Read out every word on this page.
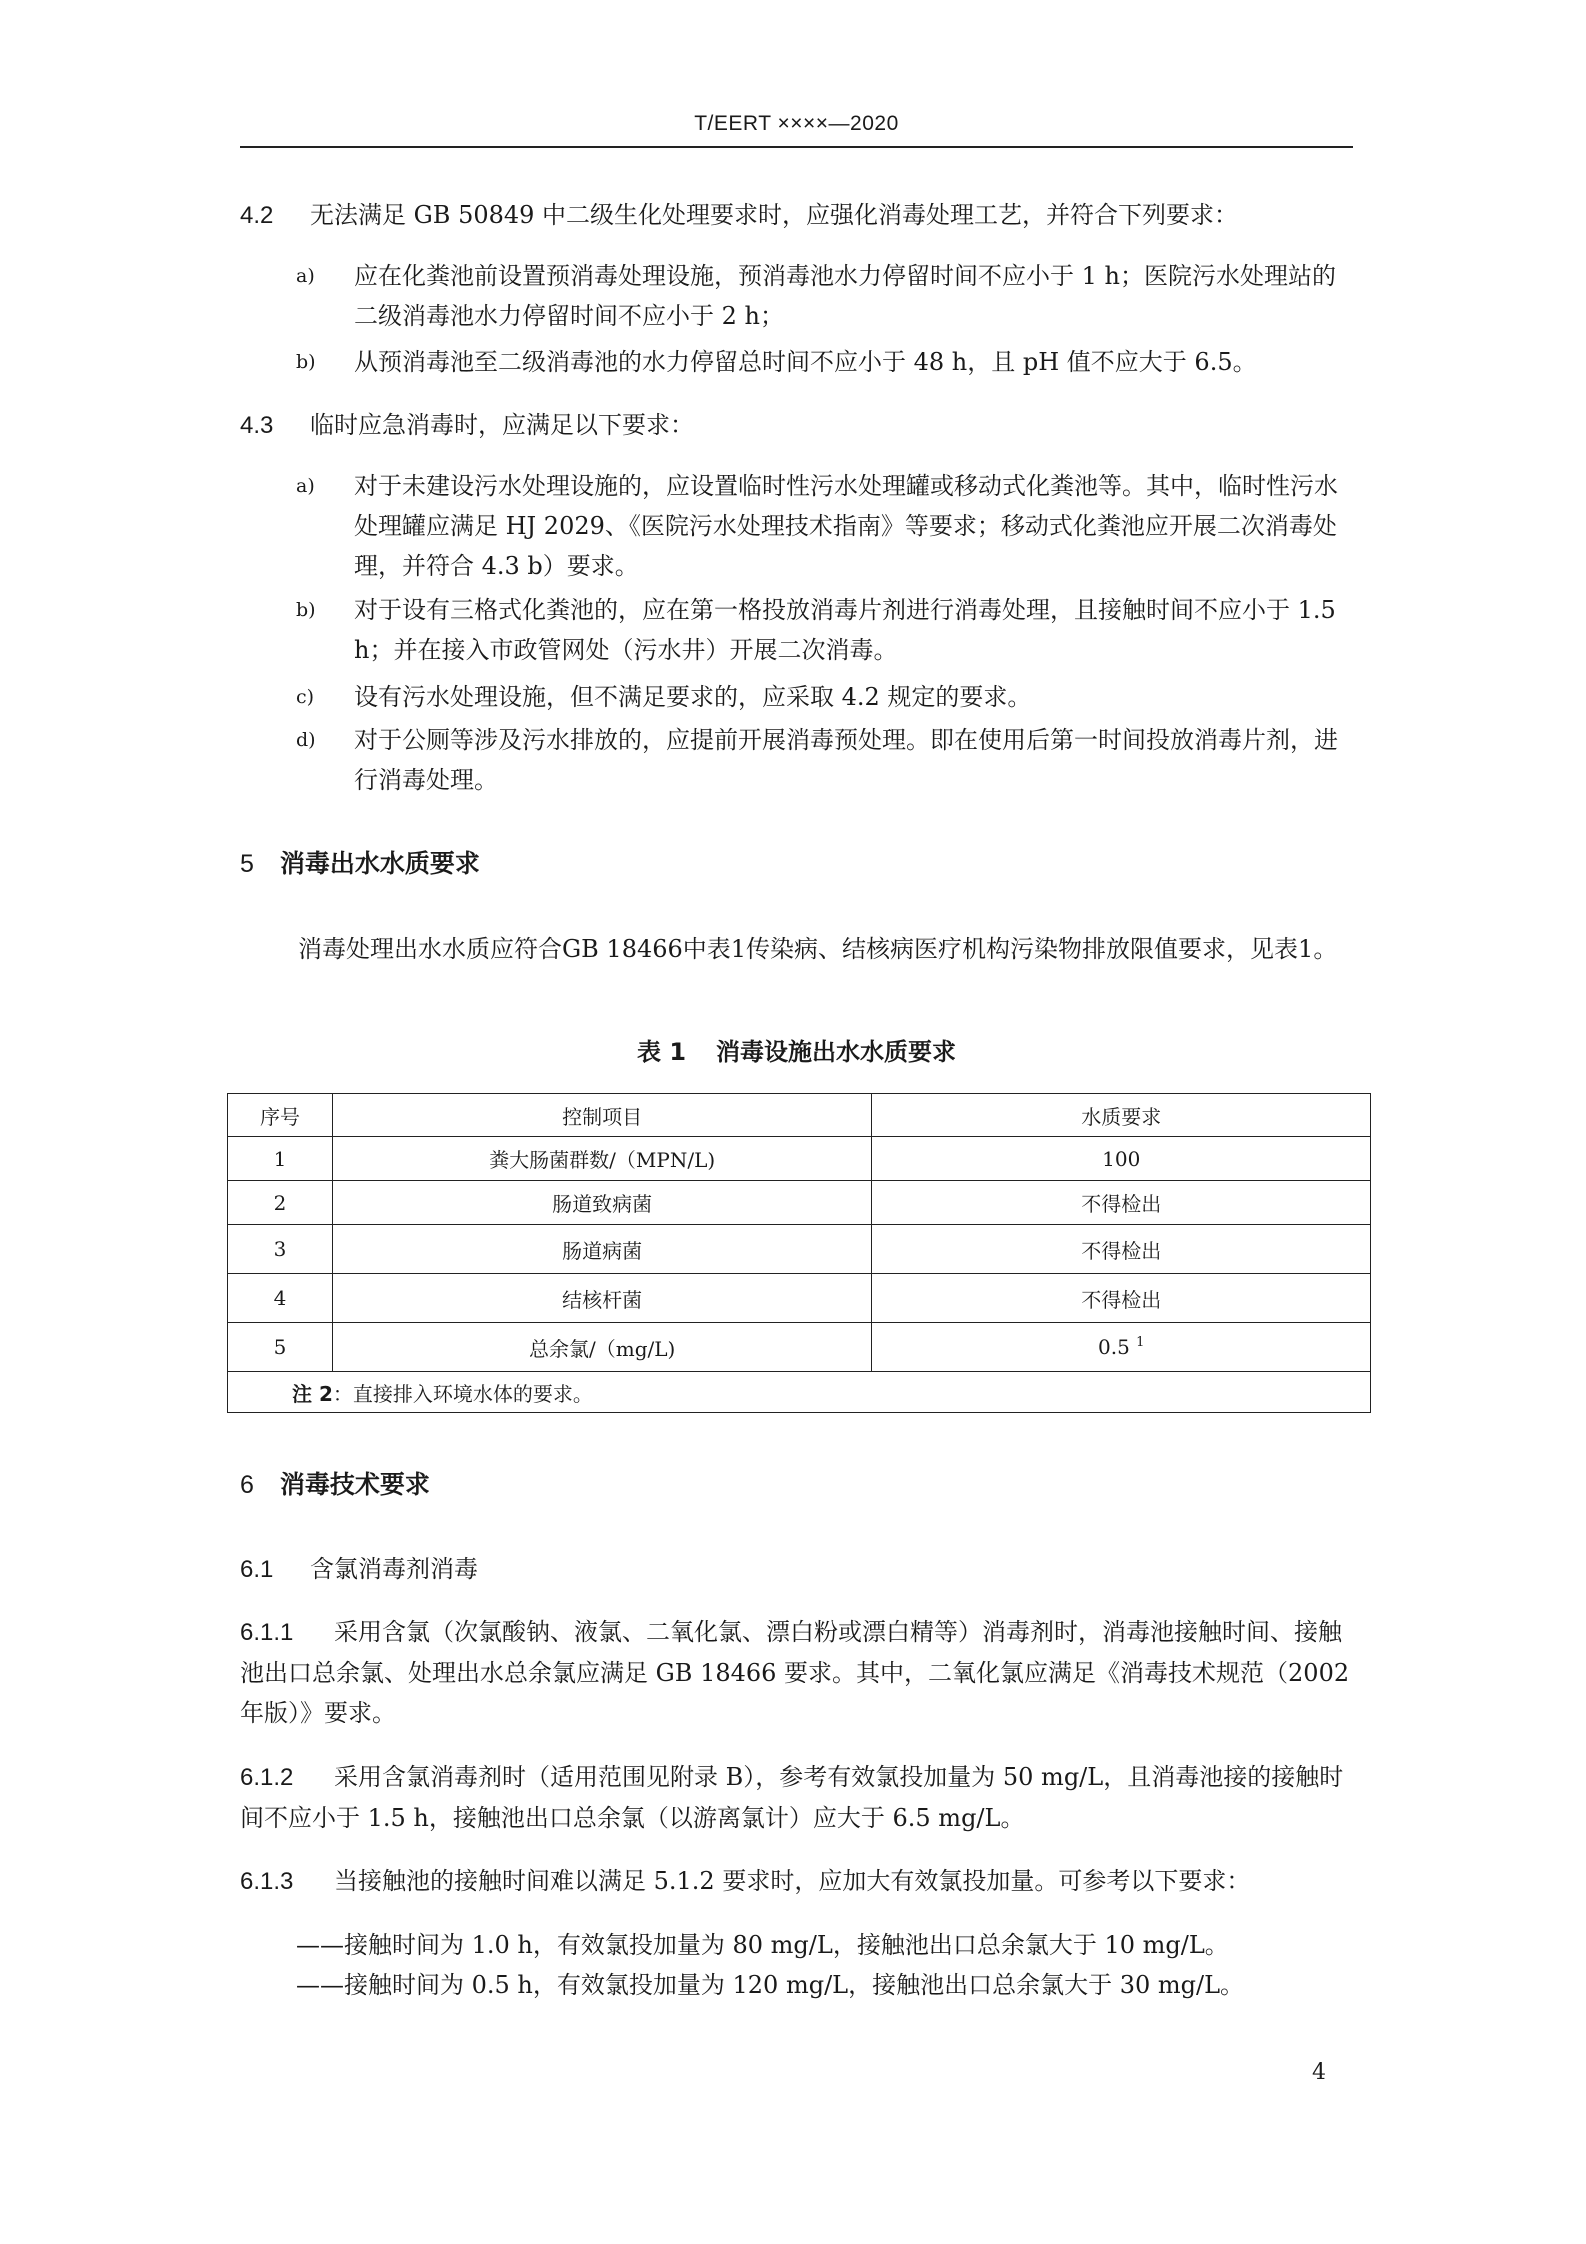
T/EERT ××××—2020
4.2 无法满足 GB 50849 中二级生化处理要求时，应强化消毒处理工艺，并符合下列要求：
a)	应在化粪池前设置预消毒处理设施，预消毒池水力停留时间不应小于 1 h；医院污水处理站的二级消毒池水力停留时间不应小于 2 h；
b)	从预消毒池至二级消毒池的水力停留总时间不应小于 48 h，且 pH 值不应大于 6.5。
4.3 临时应急消毒时，应满足以下要求：
a)	对于未建设污水处理设施的，应设置临时性污水处理罐或移动式化粪池等。其中，临时性污水处理罐应满足 HJ 2029、《医院污水处理技术指南》等要求；移动式化粪池应开展二次消毒处理，并符合 4.3 b）要求。
b)	对于设有三格式化粪池的，应在第一格投放消毒片剂进行消毒处理，且接触时间不应小于 1.5 h；并在接入市政管网处（污水井）开展二次消毒。
c)	设有污水处理设施，但不满足要求的，应采取 4.2 规定的要求。
d)	对于公厕等涉及污水排放的，应提前开展消毒预处理。即在使用后第一时间投放消毒片剂，进行消毒处理。
5 消毒出水水质要求
消毒处理出水水质应符合GB 18466中表1传染病、结核病医疗机构污染物排放限值要求，见表1。
表 1 消毒设施出水水质要求
序号	控制项目	水质要求
1	粪大肠菌群数/（MPN/L)	100
2	肠道致病菌	不得检出
3	肠道病菌	不得检出
4	结核杆菌	不得检出
5	总余氯/（mg/L)	0.5 $^1$
注 2：直接排入环境水体的要求。		
6 消毒技术要求
6.1 含氯消毒剂消毒
6.1.1 采用含氯（次氯酸钠、液氯、二氧化氯、漂白粉或漂白精等）消毒剂时，消毒池接触时间、接触池出口总余氯、处理出水总余氯应满足 GB 18466 要求。其中，二氧化氯应满足《消毒技术规范（2002 年版）》要求。
6.1.2 采用含氯消毒剂时（适用范围见附录 B），参考有效氯投加量为 50 mg/L，且消毒池接的接触时间不应小于 1.5 h，接触池出口总余氯（以游离氯计）应大于 6.5 mg/L。
6.1.3 当接触池的接触时间难以满足 5.1.2 要求时，应加大有效氯投加量。可参考以下要求：
——接触时间为 1.0 h，有效氯投加量为 80 mg/L，接触池出口总余氯大于 10 mg/L。
——接触时间为 0.5 h，有效氯投加量为 120 mg/L，接触池出口总余氯大于 30 mg/L。
4
